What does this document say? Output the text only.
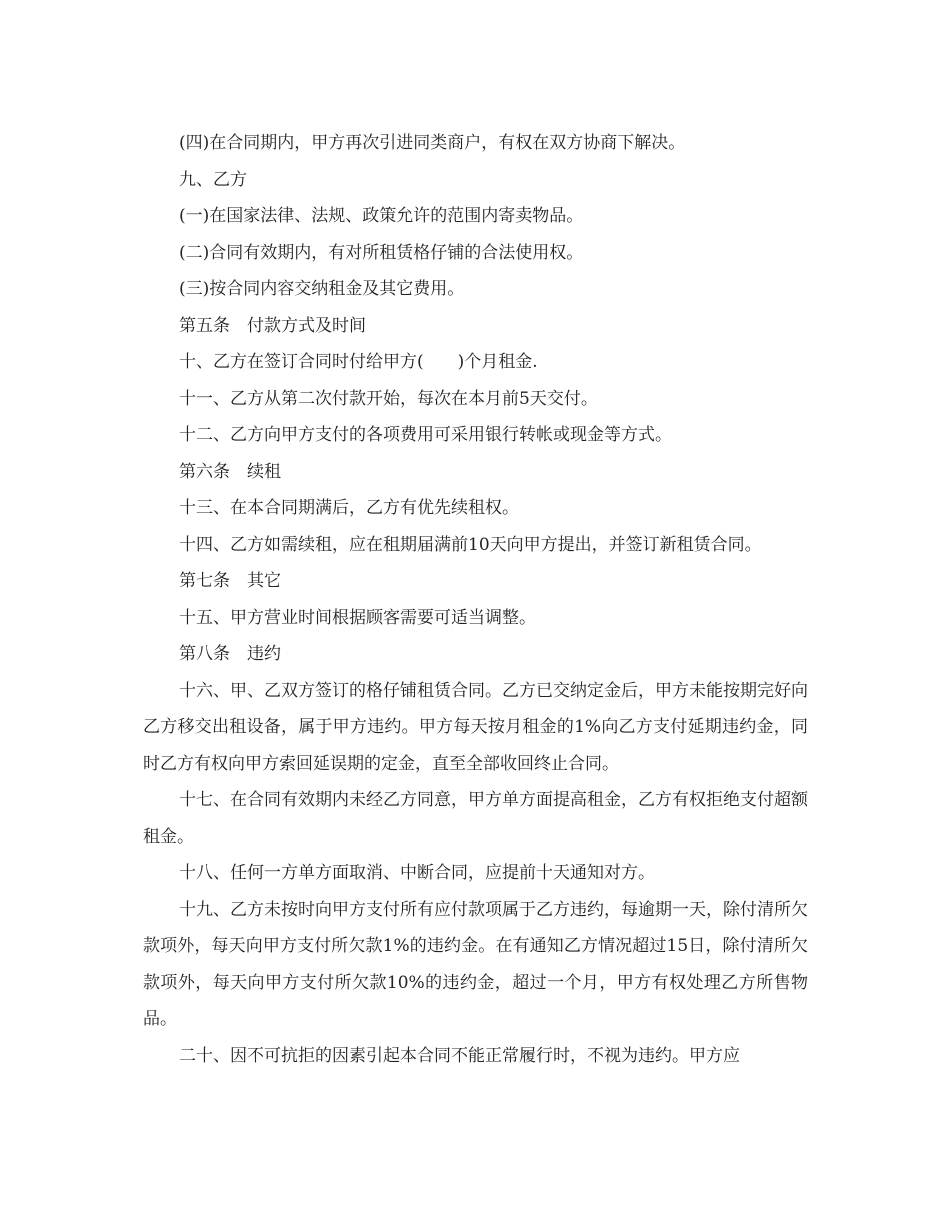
(四)在合同期内，甲方再次引进同类商户，有权在双方协商下解决。

九、乙方

(一)在国家法律、法规、政策允许的范围内寄卖物品。

(二)合同有效期内，有对所租赁格仔铺的合法使用权。

(三)按合同内容交纳租金及其它费用。

第五条　付款方式及时间

十、乙方在签订合同时付给甲方(　　)个月租金.

十一、乙方从第二次付款开始，每次在本月前5天交付。

十二、乙方向甲方支付的各项费用可采用银行转帐或现金等方式。

第六条　续租

十三、在本合同期满后，乙方有优先续租权。

十四、乙方如需续租，应在租期届满前10天向甲方提出，并签订新租赁合同。

第七条　其它

十五、甲方营业时间根据顾客需要可适当调整。

第八条　违约

十六、甲、乙双方签订的格仔铺租赁合同。乙方已交纳定金后，甲方未能按期完好向乙方移交出租设备，属于甲方违约。甲方每天按月租金的1%向乙方支付延期违约金，同时乙方有权向甲方索回延误期的定金，直至全部收回终止合同。

十七、在合同有效期内未经乙方同意，甲方单方面提高租金，乙方有权拒绝支付超额租金。

十八、任何一方单方面取消、中断合同，应提前十天通知对方。

十九、乙方未按时向甲方支付所有应付款项属于乙方违约，每逾期一天，除付清所欠款项外，每天向甲方支付所欠款1%的违约金。在有通知乙方情况超过15日，除付清所欠款项外，每天向甲方支付所欠款10%的违约金，超过一个月，甲方有权处理乙方所售物品。

二十、因不可抗拒的因素引起本合同不能正常履行时，不视为违约。甲方应
